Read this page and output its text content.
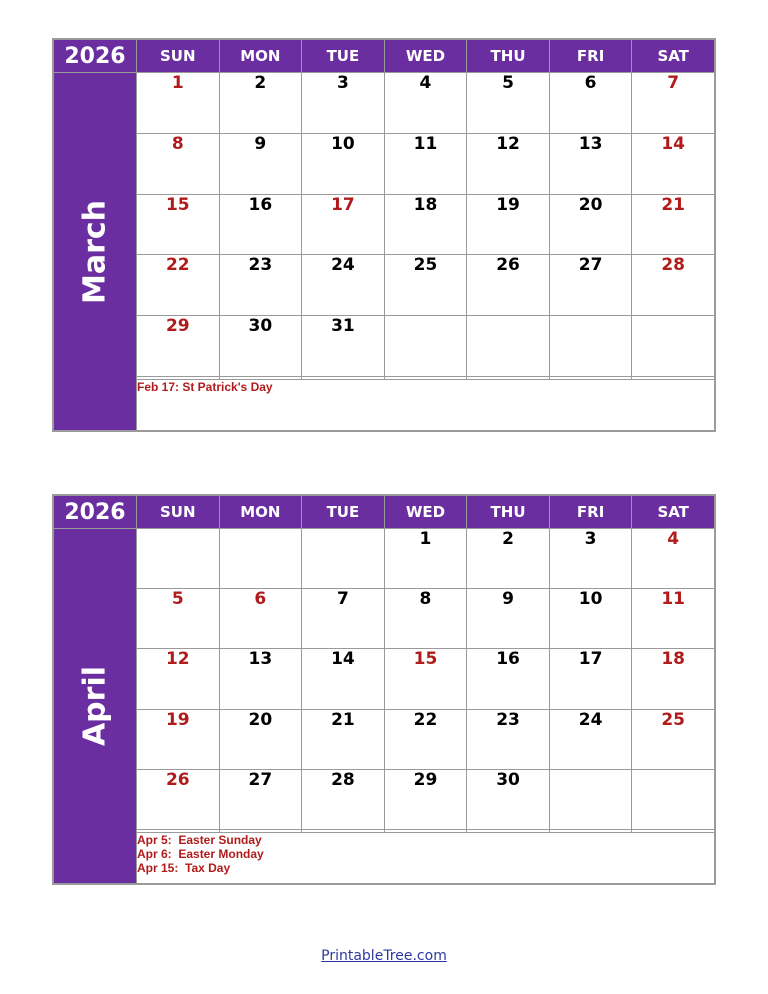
2026	SUN	MON	TUE	WED	THU	FRI	SAT

March	1	2	3	4	5	6	7
	8	9	10	11	12	13	14
	15	16	17	18	19	20	21
	22	23	24	25	26	27	28
	29	30	31				

	Feb 17: St Patrick's Day						
2026	SUN	MON	TUE	WED	THU	FRI	SAT

April				1	2	3	4
	5	6	7	8	9	10	11
	12	13	14	15	16	17	18
	19	20	21	22	23	24	25
	26	27	28	29	30		

	Apr 5:  Easter Sunday
Apr 6:  Easter Monday
Apr 15:  Tax Day						
PrintableTree.com
